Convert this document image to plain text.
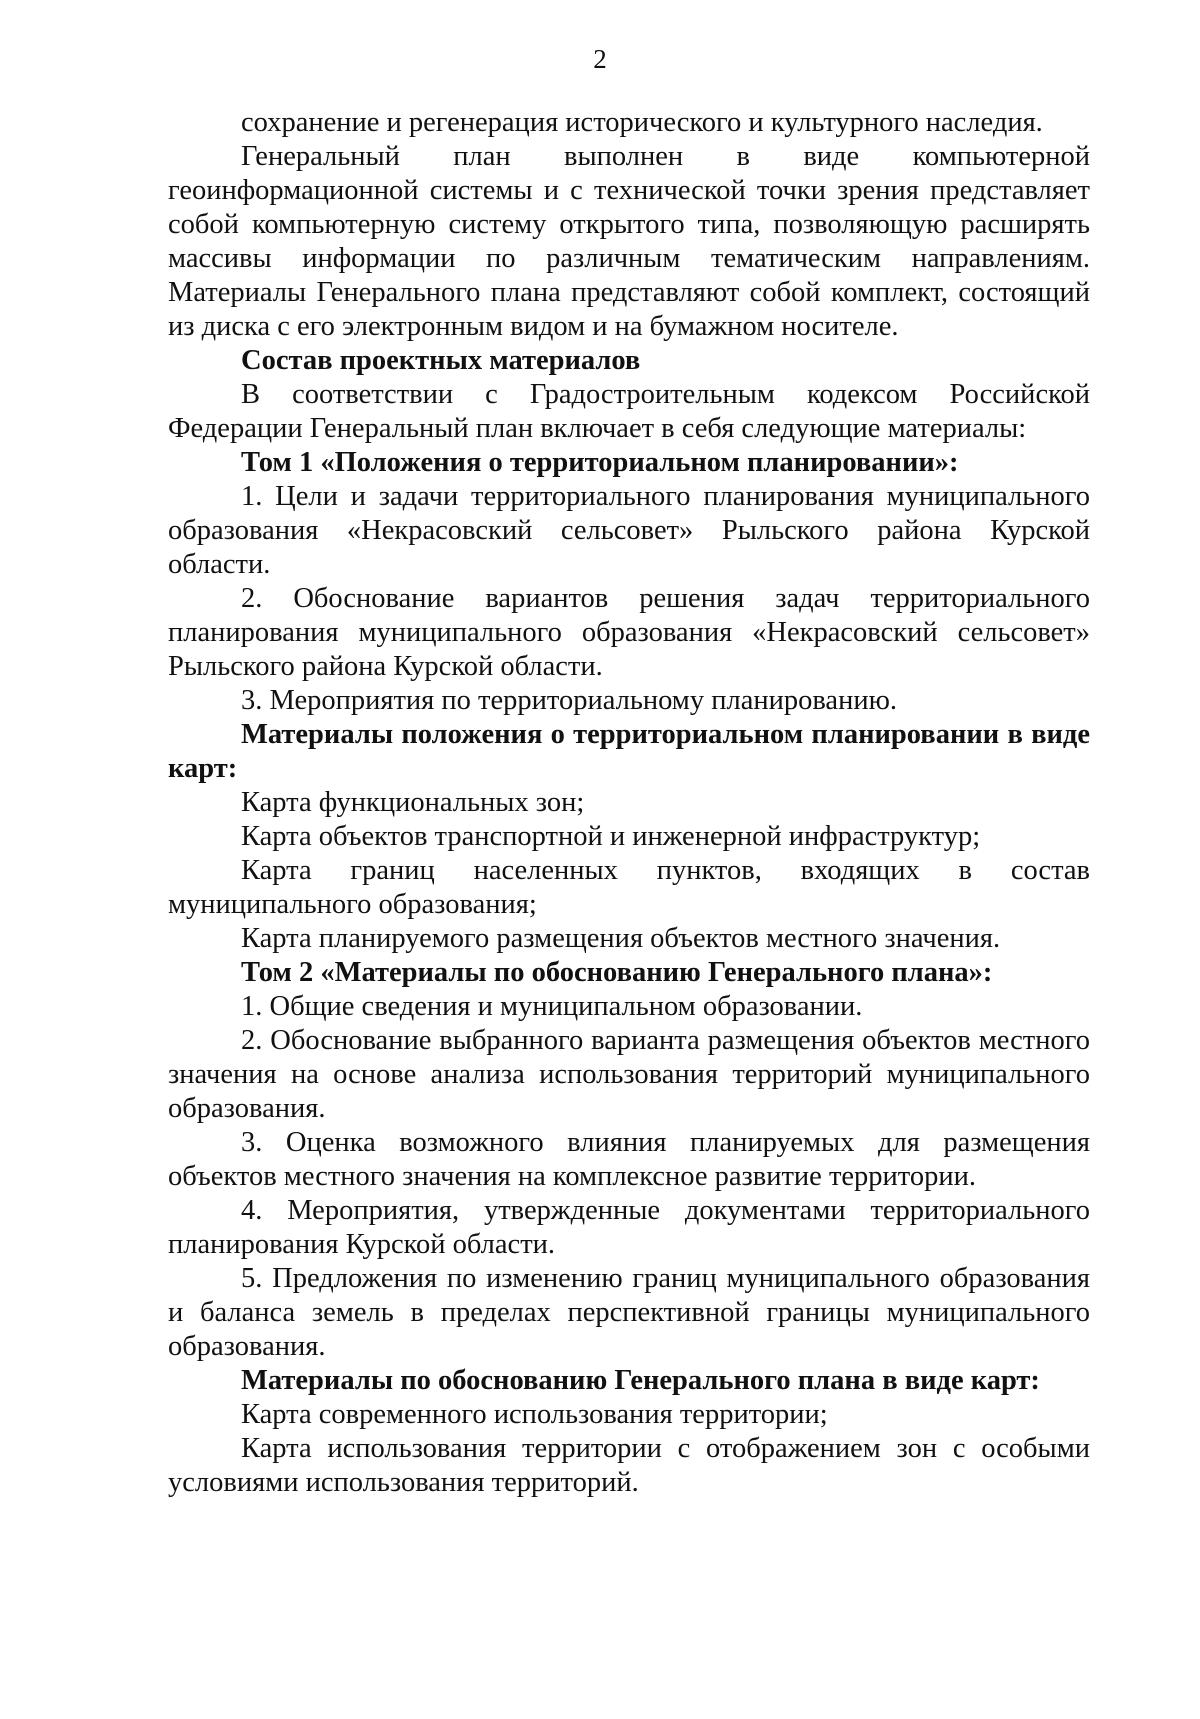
2

сохранение и регенерация исторического и культурного наследия.

Генеральный план выполнен в виде компьютерной геоинформационной системы и с технической точки зрения представляет собой компьютерную систему открытого типа, позволяющую расширять массивы информации по различным тематическим направлениям. Материалы Генерального плана представляют собой комплект, состоящий из диска с его электронным видом и на бумажном носителе.

Состав проектных материалов

В соответствии с Градостроительным кодексом Российской Федерации Генеральный план включает в себя следующие материалы:

Том 1 «Положения о территориальном планировании»:

1. Цели и задачи территориального планирования муниципального образования «Некрасовский сельсовет» Рыльского района Курской области.

2. Обоснование вариантов решения задач территориального планирования муниципального образования «Некрасовский сельсовет» Рыльского района Курской области.

3. Мероприятия по территориальному планированию.

Материалы положения о территориальном планировании в виде карт:

Карта функциональных зон;

Карта объектов транспортной и инженерной инфраструктур;

Карта границ населенных пунктов, входящих в состав муниципального образования;

Карта планируемого размещения объектов местного значения.

Том 2 «Материалы по обоснованию Генерального плана»:

1. Общие сведения и муниципальном образовании.

2. Обоснование выбранного варианта размещения объектов местного значения на основе анализа использования территорий муниципального образования.

3. Оценка возможного влияния планируемых для размещения объектов местного значения на комплексное развитие территории.

4. Мероприятия, утвержденные документами территориального планирования Курской области.

5. Предложения по изменению границ муниципального образования и баланса земель в пределах перспективной границы муниципального образования.

Материалы по обоснованию Генерального плана в виде карт:

Карта современного использования территории;

Карта использования территории с отображением зон с особыми условиями использования территорий.
